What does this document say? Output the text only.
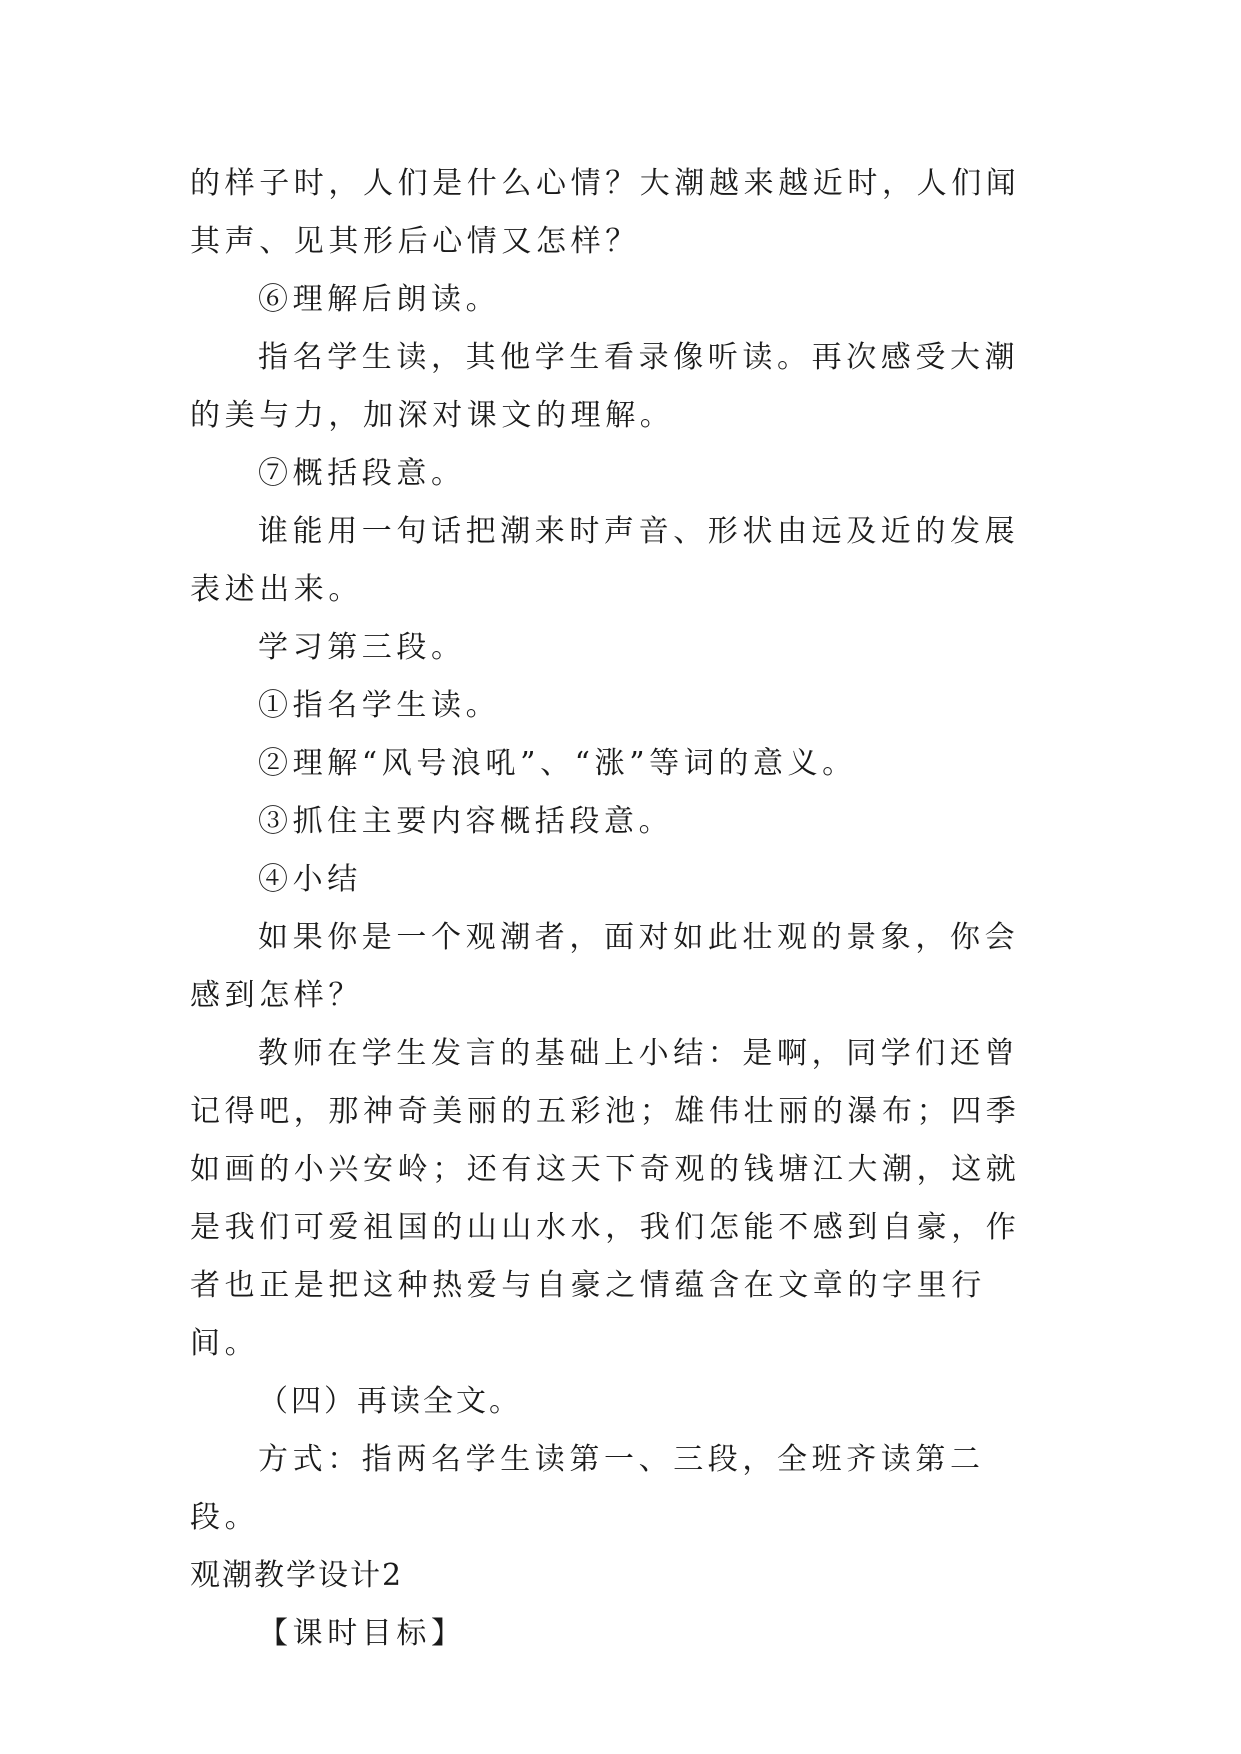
的样子时，人们是什么心情？大潮越来越近时，人们闻其声、见其形后心情又怎样？

⑥理解后朗读。

指名学生读，其他学生看录像听读。再次感受大潮的美与力，加深对课文的理解。

⑦概括段意。

谁能用一句话把潮来时声音、形状由远及近的发展表述出来。

学习第三段。

①指名学生读。

②理解“风号浪吼”、“涨”等词的意义。

③抓住主要内容概括段意。

④小结

如果你是一个观潮者，面对如此壮观的景象，你会感到怎样？

教师在学生发言的基础上小结：是啊，同学们还曾记得吧，那神奇美丽的五彩池；雄伟壮丽的瀑布；四季如画的小兴安岭；还有这天下奇观的钱塘江大潮，这就是我们可爱祖国的山山水水，我们怎能不感到自豪，作者也正是把这种热爱与自豪之情蕴含在文章的字里行间。

（四）再读全文。

方式：指两名学生读第一、三段，全班齐读第二段。

观潮教学设计2

【课时目标】
